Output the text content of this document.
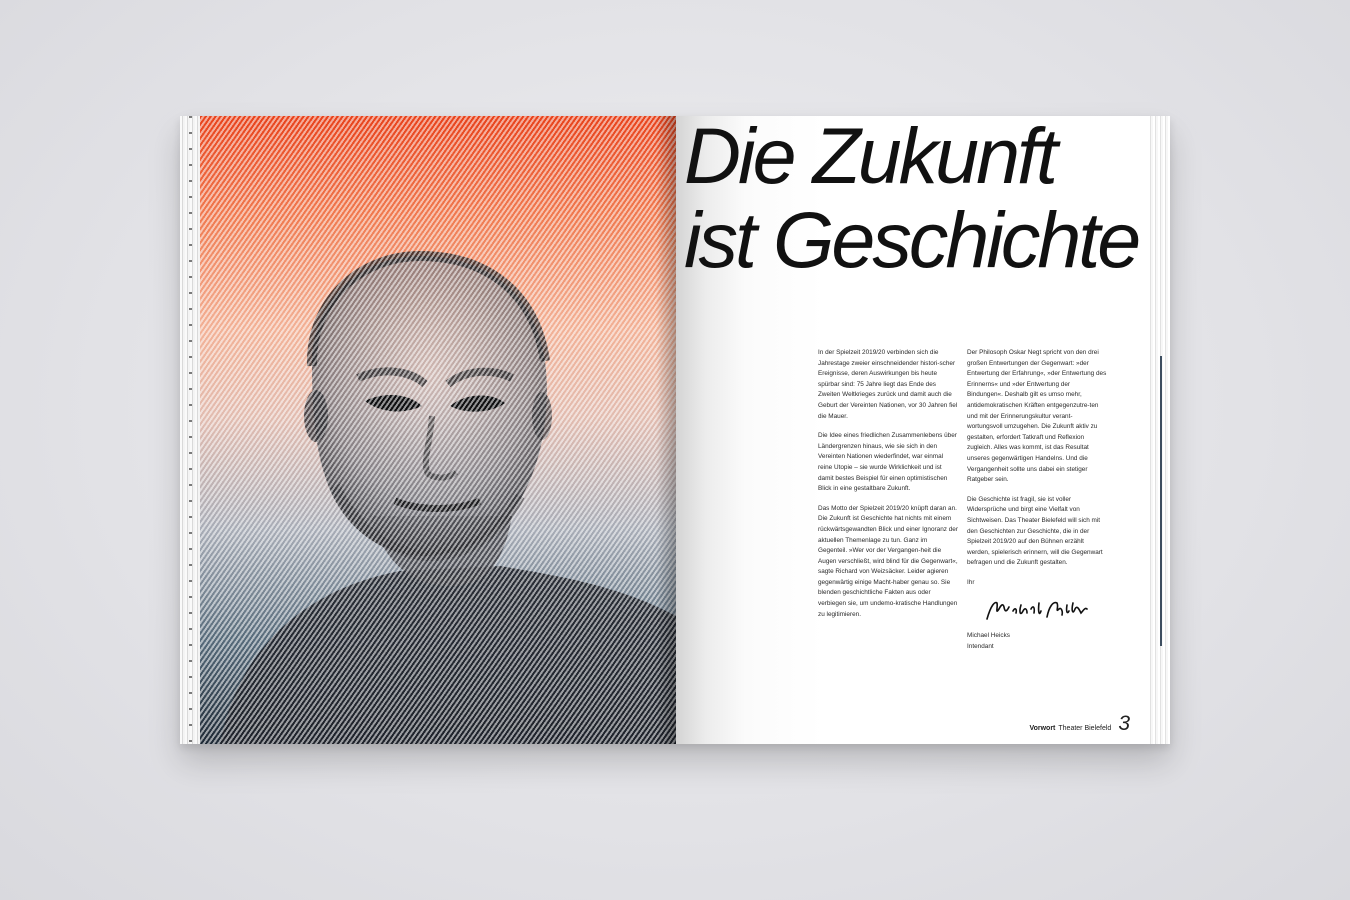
Die Zukunft
ist Geschichte

In der Spielzeit 2019/20 verbinden sich die Jahrestage zweier einschneidender histori-scher Ereignisse, deren Auswirkungen bis heute spürbar sind: 75 Jahre liegt das Ende des Zweiten Weltkrieges zurück und damit auch die Geburt der Vereinten Nationen, vor 30 Jahren fiel die Mauer.

Die Idee eines friedlichen Zusammenlebens über Ländergrenzen hinaus, wie sie sich in den Vereinten Nationen wiederfindet, war einmal reine Utopie – sie wurde Wirklichkeit und ist damit bestes Beispiel für einen optimistischen Blick in eine gestaltbare Zukunft.

Das Motto der Spielzeit 2019/20 knüpft daran an. Die Zukunft ist Geschichte hat nichts mit einem rückwärtsgewandten Blick und einer Ignoranz der aktuellen Themenlage zu tun. Ganz im Gegenteil. »Wer vor der Vergangen-heit die Augen verschließt, wird blind für die Gegenwart«, sagte Richard von Weizsäcker. Leider agieren gegenwärtig einige Macht-haber genau so. Sie blenden geschichtliche Fakten aus oder verbiegen sie, um undemo-kratische Handlungen zu legitimieren.

Der Philosoph Oskar Negt spricht von den drei großen Entwertungen der Gegenwart: »der Entwertung der Erfahrung«, »der Entwertung des Erinnerns« und »der Entwertung der Bindungen«. Deshalb gilt es umso mehr, antidemokratischen Kräften entgegenzutre-ten und mit der Erinnerungskultur verant-wortungsvoll umzugehen. Die Zukunft aktiv zu gestalten, erfordert Tatkraft und Reflexion zugleich. Alles was kommt, ist das Resultat unseres gegenwärtigen Handelns. Und die Vergangenheit sollte uns dabei ein stetiger Ratgeber sein.

Die Geschichte ist fragil, sie ist voller Widersprüche und birgt eine Vielfalt von Sichtweisen. Das Theater Bielefeld will sich mit den Geschichten zur Geschichte, die in der Spielzeit 2019/20 auf den Bühnen erzählt werden, spielerisch erinnern, will die Gegenwart befragen und die Zukunft gestalten.

Ihr

Michael Heicks

Intendant

Vorwort Theater Bielefeld 3
